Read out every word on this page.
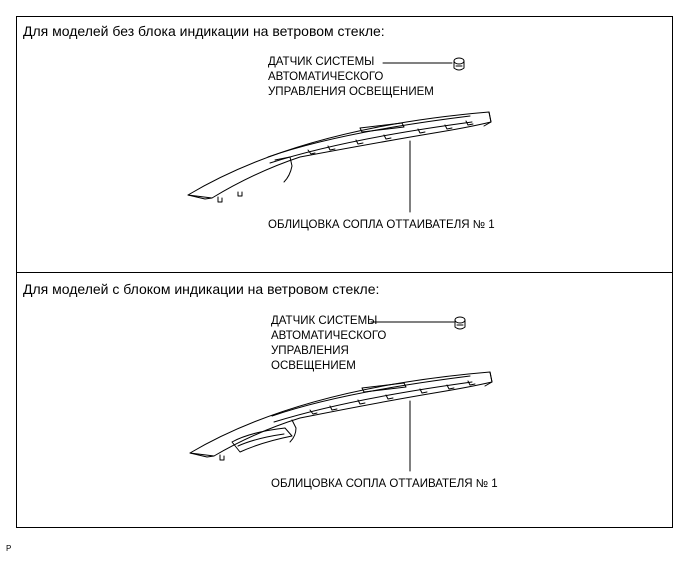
Для моделей без блока индикации на ветровом стекле:
ДАТЧИК СИСТЕМЫ
АВТОМАТИЧЕСКОГО
УПРАВЛЕНИЯ ОСВЕЩЕНИЕМ
ОБЛИЦОВКА СОПЛА ОТТАИВАТЕЛЯ № 1
Для моделей с блоком индикации на ветровом стекле:
ДАТЧИК СИСТЕМЫ
АВТОМАТИЧЕСКОГО
УПРАВЛЕНИЯ
ОСВЕЩЕНИЕМ
ОБЛИЦОВКА СОПЛА ОТТАИВАТЕЛЯ № 1
P
